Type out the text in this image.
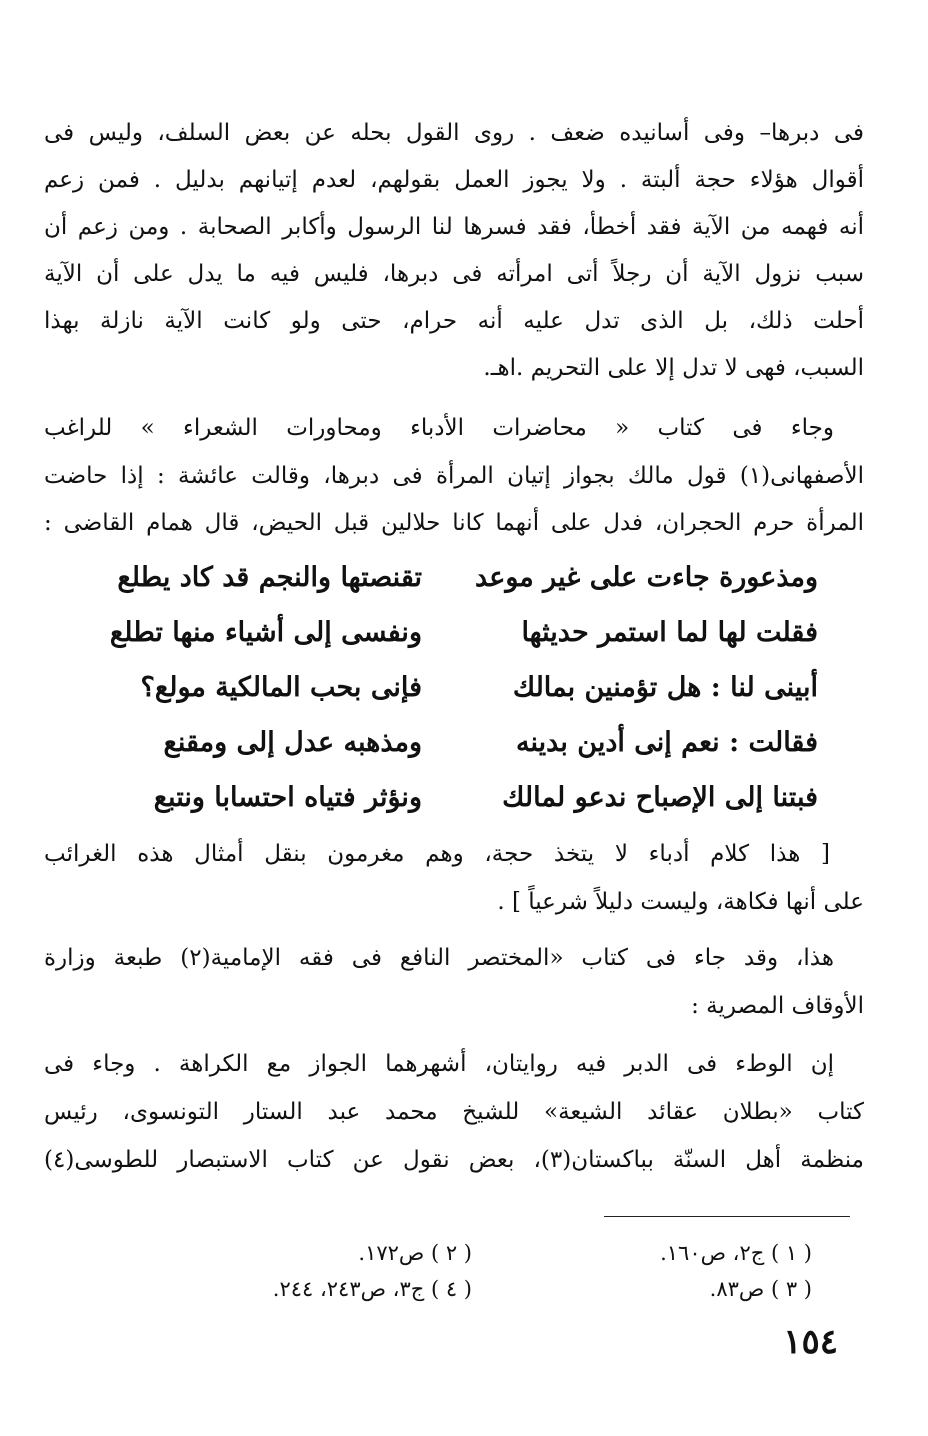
فى دبرها– وفى أسانيده ضعف . روى القول بحله عن بعض السلف، وليس فى
أقوال هؤلاء حجة ألبتة . ولا يجوز العمل بقولهم، لعدم إتيانهم بدليل . فمن زعم
أنه فهمه من الآية فقد أخطأ، فقد فسرها لنا الرسول وأكابر الصحابة . ومن زعم أن
سبب نزول الآية أن رجلاً أتى امرأته فى دبرها، فليس فيه ما يدل على أن الآية
أحلت ذلك، بل الذى تدل عليه أنه حرام، حتى ولو كانت الآية نازلة بهذا
السبب، فهى لا تدل إلا على التحريم .اهـ.
وجاء فى كتاب « محاضرات الأدباء ومحاورات الشعراء » للراغب
الأصفهانى(١) قول مالك بجواز إتيان المرأة فى دبرها، وقالت عائشة : إذا حاضت
المرأة حرم الحجران، فدل على أنهما كانا حلالين قبل الحيض، قال همام القاضى :
ومذعورة جاءت على غير موعد
تقنصتها والنجم قد كاد يطلع
فقلت لها لما استمر حديثها
ونفسى إلى أشياء منها تطلع
أبينى لنا : هل تؤمنين بمالك
فإنى بحب المالكية مولع؟
فقالت : نعم إنى أدين بدينه
ومذهبه عدل إلى ومقنع
فبتنا إلى الإصباح ندعو لمالك
ونؤثر فتياه احتسابا ونتبع
[ هذا كلام أدباء لا يتخذ حجة، وهم مغرمون بنقل أمثال هذه الغرائب
على أنها فكاهة، وليست دليلاً شرعياً ] .
هذا، وقد جاء فى كتاب «المختصر النافع فى فقه الإمامية(٢) طبعة وزارة
الأوقاف المصرية :
إن الوطء فى الدبر فيه روايتان، أشهرهما الجواز مع الكراهة . وجاء فى
كتاب «بطلان عقائد الشيعة» للشيخ محمد عبد الستار التونسوى، رئيس
منظمة أهل السنّة بباكستان(٣)، بعض نقول عن كتاب الاستبصار للطوسى(٤)
( ١ ) ج٢، ص١٦٠.
( ٢ ) ص١٧٢.
( ٣ ) ص٨٣.
( ٤ ) ج٣، ص٢٤٣، ٢٤٤.
١٥٤
